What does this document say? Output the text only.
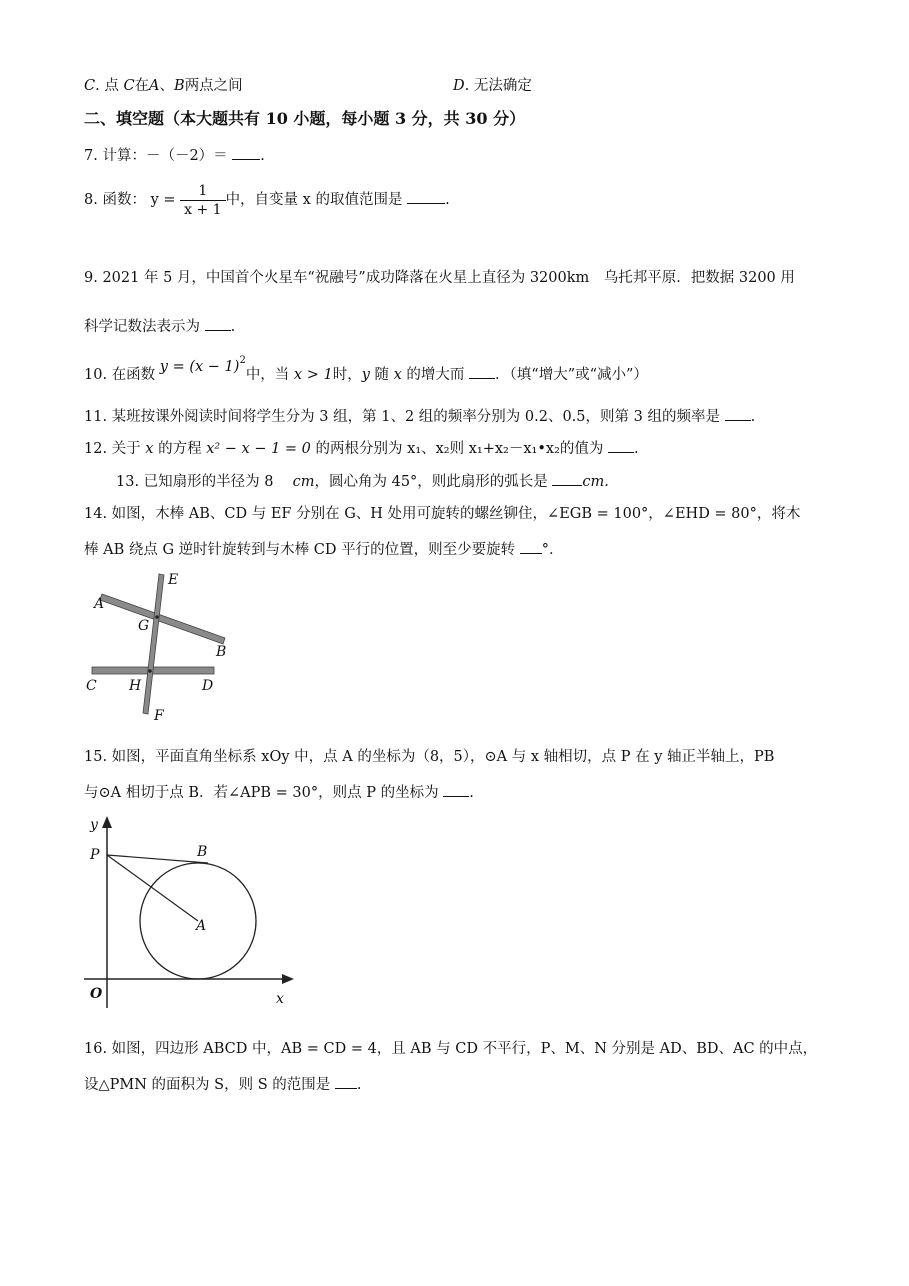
C. 点 C在A、B两点之间	D. 无法确定
二、填空题（本大题共有 10 小题，每小题 3 分，共 30 分）
7. 计算：－（－2）＝ .
8. 函数： $y = \frac{1}{x + 1}$ 中，自变量 x 的取值范围是	.
9. 2021 年 5 月，中国首个火星车“祝融号”成功降落在火星上直径为 3200km　乌托邦平原．把数据 3200 用
科学记数法表示为 .
10. 在函数 $y = (x - 1)^2$中，当 x > 1时，y 随 x 的增大而 ．（填“增大”或“减小”）
11. 某班按课外阅读时间将学生分为 3 组，第 1、2 组的频率分别为 0.2、0.5，则第 3 组的频率是 .
12. 关于 x 的方程 x² − x − 1 = 0 的两根分别为 x₁、x₂则 x₁+x₂－x₁•x₂的值为 .
13. 已知扇形的半径为 8　 cm，圆心角为 45°，则此扇形的弧长是 cm.
14. 如图，木棒 AB、CD 与 EF 分别在 G、H 处用可旋转的螺丝铆住，∠EGB = 100°，∠EHD = 80°，将木
棒 AB 绕点 G 逆时针旋转到与木棒 CD 平行的位置，则至少要旋转 °．
A
B
C	D
E
F
G
H
15. 如图，平面直角坐标系 xOy 中，点 A 的坐标为（8，5），⊙A 与 x 轴相切，点 P 在 y 轴正半轴上，PB
与⊙A 相切于点 B．若∠APB = 30°，则点 P 的坐标为 .
y
x
O
P
A
B
16. 如图，四边形 ABCD 中，AB = CD = 4，且 AB 与 CD 不平行，P、M、N 分别是 AD、BD、AC 的中点，
设△PMN 的面积为 S，则 S 的范围是 .
